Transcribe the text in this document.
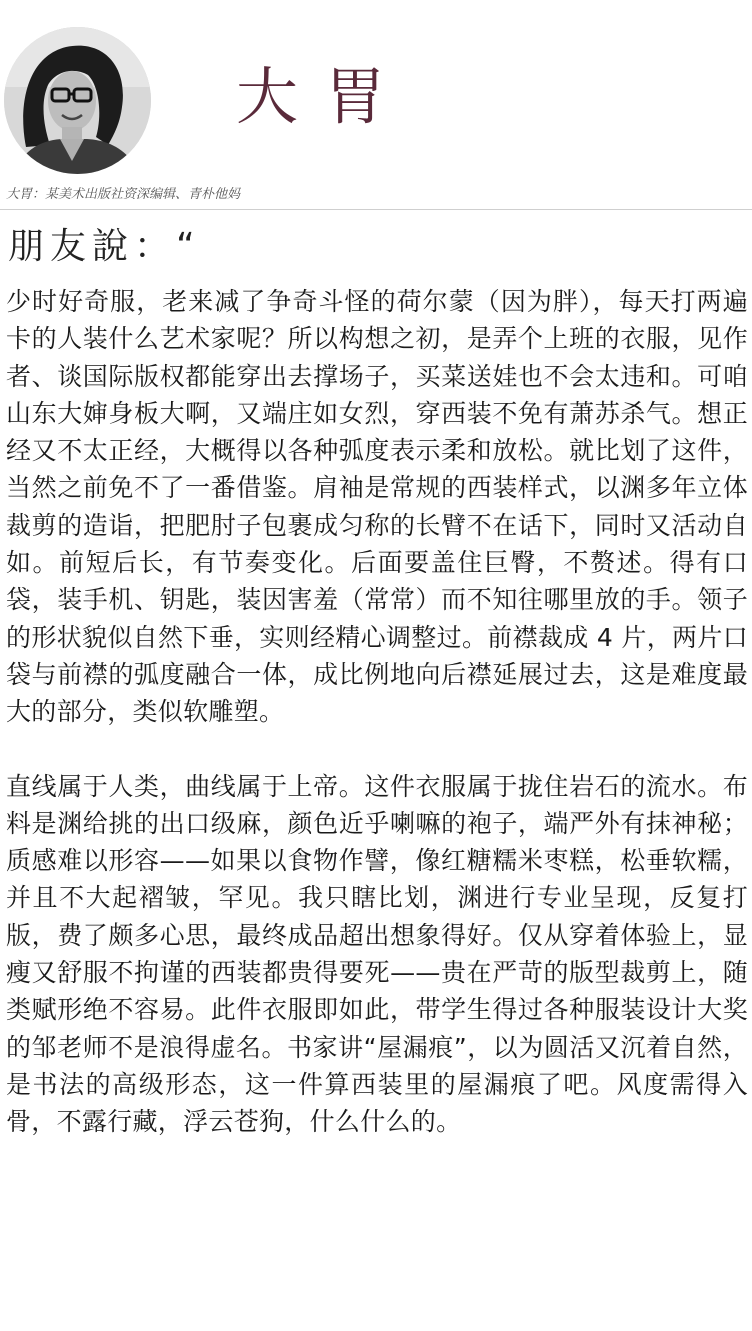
大胃
大胃：某美术出版社资深编辑、青朴他妈
朋友說：“

少时好奇服，老来减了争奇斗怪的荷尔蒙（因为胖），每天打两遍卡的人装什么艺术家呢？所以构想之初，是弄个上班的衣服，见作者、谈国际版权都能穿出去撑场子，买菜送娃也不会太违和。可咱山东大婶身板大啊，又端庄如女烈，穿西装不免有萧苏杀气。想正经又不太正经，大概得以各种弧度表示柔和放松。就比划了这件，当然之前免不了一番借鉴。肩袖是常规的西装样式，以渊多年立体裁剪的造诣，把肥肘子包裹成匀称的长臂不在话下，同时又活动自如。前短后长，有节奏变化。后面要盖住巨臀，不赘述。得有口袋，装手机、钥匙，装因害羞（常常）而不知往哪里放的手。领子的形状貌似自然下垂，实则经精心调整过。前襟裁成 4 片，两片口袋与前襟的弧度融合一体，成比例地向后襟延展过去，这是难度最大的部分，类似软雕塑。

直线属于人类，曲线属于上帝。这件衣服属于拢住岩石的流水。布料是渊给挑的出口级麻，颜色近乎喇嘛的袍子，端严外有抹神秘；质感难以形容——如果以食物作譬，像红糖糯米枣糕，松垂软糯，并且不大起褶皱，罕见。我只瞎比划，渊进行专业呈现，反复打版，费了颇多心思，最终成品超出想象得好。仅从穿着体验上，显瘦又舒服不拘谨的西装都贵得要死——贵在严苛的版型裁剪上，随类赋形绝不容易。此件衣服即如此，带学生得过各种服装设计大奖的邹老师不是浪得虚名。书家讲“屋漏痕”，以为圆活又沉着自然，是书法的高级形态，这一件算西装里的屋漏痕了吧。风度需得入骨，不露行藏，浮云苍狗，什么什么的。
